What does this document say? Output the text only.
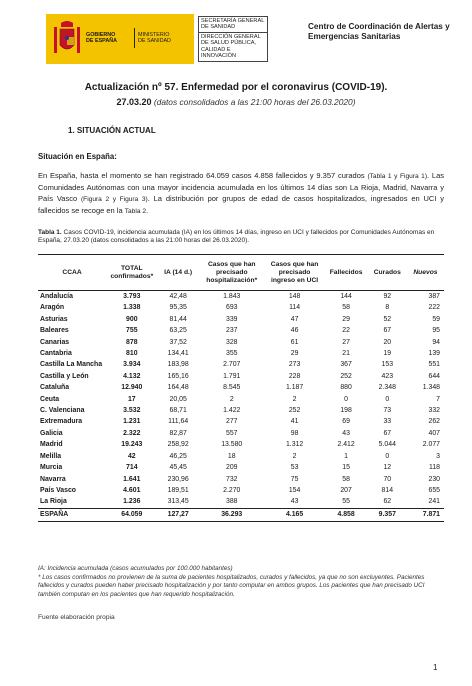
GOBIERNO
DE ESPAÑA
MINISTERIO
DE SANIDAD
SECRETARÍA GENERAL DE SANIDAD
DIRECCIÓN GENERAL DE SALUD PÚBLICA, CALIDAD E INNOVACIÓN
Centro de Coordinación de Alertas y Emergencias Sanitarias
Actualización nº 57. Enfermedad por el coronavirus (COVID-19).
27.03.20 (datos consolidados a las 21:00 horas del 26.03.2020)
1. SITUACIÓN ACTUAL
Situación en España:
En España, hasta el momento se han registrado 64.059 casos 4.858 fallecidos y 9.357 curados (Tabla 1 y Figura 1). Las Comunidades Autónomas con una mayor incidencia acumulada en los últimos 14 días son La Rioja, Madrid, Navarra y País Vasco (Figura 2 y Figura 3). La distribución por grupos de edad de casos hospitalizados, ingresados en UCI y fallecidos se recoge en la Tabla 2.
Tabla 1. Casos COVID-19, incidencia acumulada (IA) en los últimos 14 días, ingreso en UCI y fallecidos por Comunidades Autónomas en España, 27.03.20 (datos consolidados a las 21:00 horas del 26.03.2020).
CCAA	TOTAL confirmados*	IA (14 d.)	Casos que han precisado hospitalización*	Casos que han precisado ingreso en UCI	Fallecidos	Curados	Nuevos
Andalucía	3.793	42,48	1.843	148	144	92	387
Aragón	1.338	95,35	693	114	58	8	222
Asturias	900	81,44	339	47	29	52	59
Baleares	755	63,25	237	46	22	67	95
Canarias	878	37,52	328	61	27	20	94
Cantabria	810	134,41	355	29	21	19	139
Castilla La Mancha	3.934	183,98	2.707	273	367	153	551
Castilla y León	4.132	165,16	1.791	228	252	423	644
Cataluña	12.940	164,48	8.545	1.187	880	2.348	1.348
Ceuta	17	20,05	2	2	0	0	7
C. Valenciana	3.532	68,71	1.422	252	198	73	332
Extremadura	1.231	111,64	277	41	69	33	262
Galicia	2.322	82,87	557	98	43	67	407
Madrid	19.243	258,92	13.580	1.312	2.412	5.044	2.077
Melilla	42	46,25	18	2	1	0	3
Murcia	714	45,45	209	53	15	12	118
Navarra	1.641	230,96	732	75	58	70	230
País Vasco	4.601	189,51	2.270	154	207	814	655
La Rioja	1.236	313,45	388	43	55	62	241
ESPAÑA	64.059	127,27	36.293	4.165	4.858	9.357	7.871
IA: Incidencia acumulada (casos acumulados por 100.000 habitantes)
* Los casos confirmados no provienen de la suma de pacientes hospitalizados, curados y fallecidos, ya que no son excluyentes. Pacientes fallecidos y curados pueden haber precisado hospitalización y por tanto computar en ambos grupos. Los pacientes que han precisado UCI también computan en los pacientes que han requerido hospitalización.
Fuente elaboración propia
1
